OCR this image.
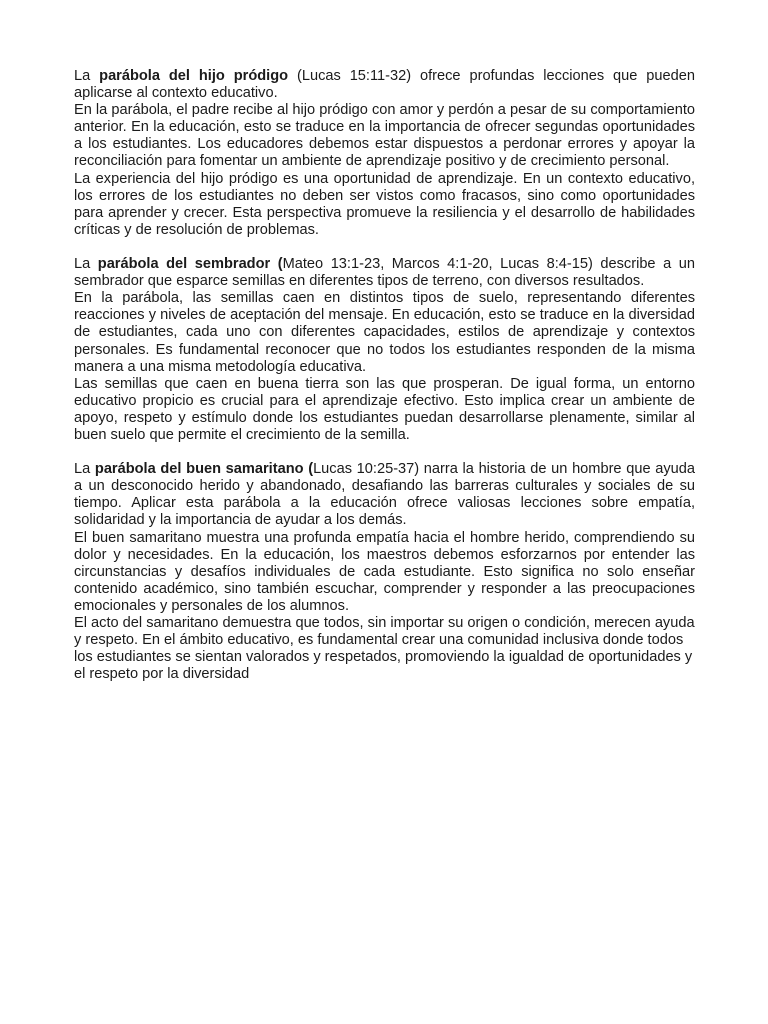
La parábola del hijo pródigo (Lucas 15:11-32) ofrece profundas lecciones que pueden aplicarse al contexto educativo.

En la parábola, el padre recibe al hijo pródigo con amor y perdón a pesar de su comportamiento anterior. En la educación, esto se traduce en la importancia de ofrecer segundas oportunidades a los estudiantes. Los educadores debemos estar dispuestos a perdonar errores y apoyar la reconciliación para fomentar un ambiente de aprendizaje positivo y de crecimiento personal.

La experiencia del hijo pródigo es una oportunidad de aprendizaje. En un contexto educativo, los errores de los estudiantes no deben ser vistos como fracasos, sino como oportunidades para aprender y crecer. Esta perspectiva promueve la resiliencia y el desarrollo de habilidades críticas y de resolución de problemas.

La parábola del sembrador (Mateo 13:1-23, Marcos 4:1-20, Lucas 8:4-15) describe a un sembrador que esparce semillas en diferentes tipos de terreno, con diversos resultados.

En la parábola, las semillas caen en distintos tipos de suelo, representando diferentes reacciones y niveles de aceptación del mensaje. En educación, esto se traduce en la diversidad de estudiantes, cada uno con diferentes capacidades, estilos de aprendizaje y contextos personales. Es fundamental reconocer que no todos los estudiantes responden de la misma manera a una misma metodología educativa.

Las semillas que caen en buena tierra son las que prosperan. De igual forma, un entorno educativo propicio es crucial para el aprendizaje efectivo. Esto implica crear un ambiente de apoyo, respeto y estímulo donde los estudiantes puedan desarrollarse plenamente, similar al buen suelo que permite el crecimiento de la semilla.

La parábola del buen samaritano (Lucas 10:25-37) narra la historia de un hombre que ayuda a un desconocido herido y abandonado, desafiando las barreras culturales y sociales de su tiempo. Aplicar esta parábola a la educación ofrece valiosas lecciones sobre empatía, solidaridad y la importancia de ayudar a los demás.

El buen samaritano muestra una profunda empatía hacia el hombre herido, comprendiendo su dolor y necesidades. En la educación, los maestros debemos esforzarnos por entender las circunstancias y desafíos individuales de cada estudiante. Esto significa no solo enseñar contenido académico, sino también escuchar, comprender y responder a las preocupaciones emocionales y personales de los alumnos.

El acto del samaritano demuestra que todos, sin importar su origen o condición, merecen ayuda y respeto. En el ámbito educativo, es fundamental crear una comunidad inclusiva donde todos los estudiantes se sientan valorados y respetados, promoviendo la igualdad de oportunidades y el respeto por la diversidad
